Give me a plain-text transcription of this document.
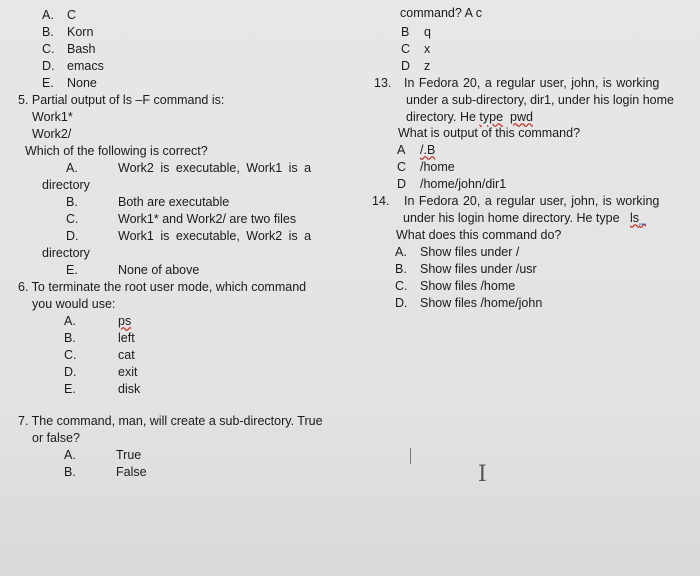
A. C
B. Korn
C. Bash
D. emacs
E. None
5. Partial output of ls –F command is:
Work1*
Work2/
Which of the following is correct?
A.	Work2 is executable, Work1 is a
directory
B.	Both are executable
C.	Work1* and Work2/ are two files
D.	Work1 is executable, Work2 is a
directory
E.	None of above
6. To terminate the root user mode, which command
you would use:
A.	ps
B.	left
C.	cat
D.	exit
E.	disk
7. The command, man, will create a sub-directory. True
or false?
A.	True
B.	False
command? A c
B q
C x
D z
13. In Fedora 20, a regular user, john, is working
under a sub-directory, dir1, under his login home
directory. He type pwd
What is output of this command?
A /.B
C /home
D /home/john/dir1
14. In Fedora 20, a regular user, john, is working
under his login home directory. He type ls_
What does this command do?
A. Show files under /
B. Show files under /usr
C. Show files /home
D. Show files /home/john
I
